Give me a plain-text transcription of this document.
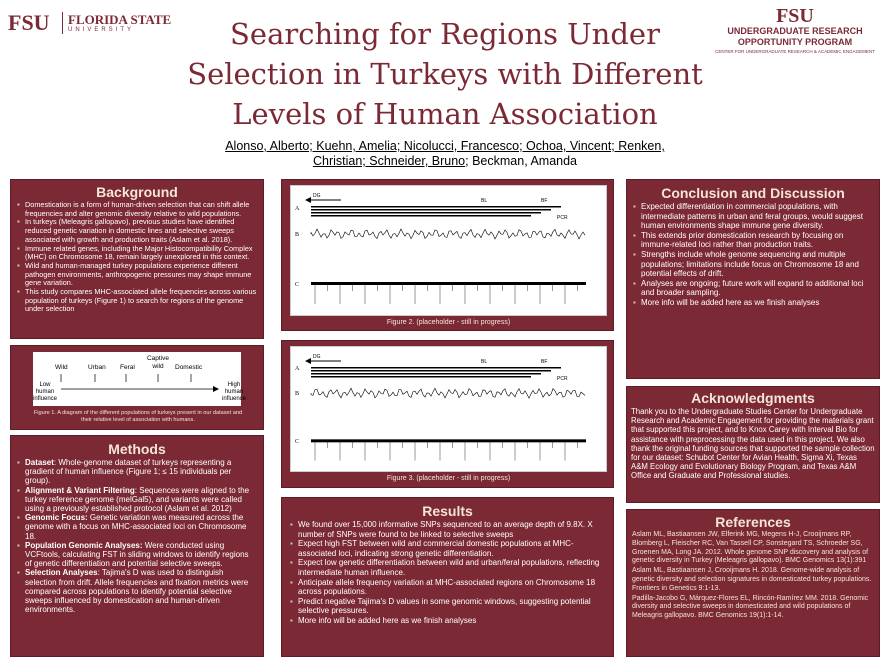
FSU FLORIDA STATE
UNIVERSITY	Searching for Regions Under
Selection in Turkeys with Different
Levels of Human Association
Alonso, Alberto; Kuehn, Amelia; Nicolucci, Francesco; Ochoa, Vincent; Renken,
Christian; Schneider, Bruno; Beckman, Amanda
FSU
UNDERGRADUATE RESEARCH
OPPORTUNITY PROGRAM
CENTER FOR UNDERGRADUATE RESEARCH & ACADEMIC ENGAGEMENT
Background
▪ Domestication is a form of human-driven selection that can shift allele frequencies and alter genomic diversity relative to wild populations.
▪ In turkeys (Meleagris gallopavo), previous studies have identified reduced genetic variation in domestic lines and selective sweeps associated with growth and production traits (Aslam et al. 2018).
▪ Immune related genes, including the Major Histocompatibility Complex (MHC) on Chromosome 18, remain largely unexplored in this context.
▪ Wild and human-managed turkey populations experience different pathogen environments, anthropogenic pressures may shape immune gene variation.
▪ This study compares MHC-associated allele frequencies across various population of turkeys (Figure 1) to search for regions of the genome under selection
Wild	Urban Feral
Captive wild	Domestic
Low human influence
High human influence
Figure 1. A diagram of the different populations of turkeys present in our dataset and their relative level of association with humans.
Methods
▪ Dataset: Whole-genome dataset of turkeys representing a gradient of human influence (Figure 1; ≤ 15 individuals per group).
▪ Alignment & Variant Filtering: Sequences were aligned to the turkey reference genome (melGal5), and variants were called using a previously established protocol (Aslam et al. 2012)
▪ Genomic Focus: Genetic variation was measured across the genome with a focus on MHC-associated loci on Chromosome 18.
▪ Population Genomic Analyses: Were conducted using VCFtools, calculating FST in sliding windows to identify regions of genetic differentiation and potential selective sweeps.
▪ Selection Analyses: Tajima's D was used to distinguish selection from drift. Allele frequencies and fixation metrics were compared across populations to identify potential selective sweeps influenced by domestication and human-driven environments.
DG
BL	BF
PCR
A
B
C
Figure 2. (placeholder - still in progress)
DG
BL	BF
PCR
A
B
C
Figure 3. (placeholder - still in progress)
Results
▪ We found over 15,000 informative SNPs sequenced to an average depth of 9.8X. X number of SNPs were found to be linked to selective sweeps
▪ Expect high FST between wild and commercial domestic populations at MHC-associated loci, indicating strong genetic differentiation.
▪ Expect low genetic differentiation between wild and urban/feral populations, reflecting intermediate human influence.
▪ Anticipate allele frequency variation at MHC-associated regions on Chromosome 18 across populations.
▪ Predict negative Tajima's D values in some genomic windows, suggesting potential selective pressures.
▪ More info will be added here as we finish analyses
Conclusion and Discussion
▪ Expected differentiation in commercial populations, with intermediate patterns in urban and feral groups, would suggest human environments shape immune gene diversity.
▪ This extends prior domestication research by focusing on immune-related loci rather than production traits.
▪ Strengths include whole genome sequencing and multiple populations; limitations include focus on Chromosome 18 and potential effects of drift.
▪ Analyses are ongoing; future work will expand to additional loci and broader sampling.
▪ More info will be added here as we finish analyses
Acknowledgments
Thank you to the Undergraduate Studies Center for Undergraduate Research and Academic Engagement for providing the materials grant that supported this project, and to Knox Carey with Interval Bio for assistance with preprocessing the data used in this project. We also thank the original funding sources that supported the sample collection for our dataset: Schubot Center for Avian Health, Sigma Xi, Texas A&M Ecology and Evolutionary Biology Program, and Texas A&M Office and Graduate and Professional studies.
References
Aslam ML, Bastiaansen JW, Elferink MG, Megens H-J, Crooijmans RP, Blomberg L, Fleischer RC, Van Tassell CP, Sonstegard TS, Schroeder SG, Groenen MA, Long JA. 2012. Whole genome SNP discovery and analysis of genetic diversity in Turkey (Meleagris gallopavo). BMC Genomics 13(1):391
Aslam ML, Bastiaansen J, Crooijmans H. 2018. Genome-wide analysis of genetic diversity and selection signatures in domesticated turkey populations. Frontiers in Genetics 9:1-13.
Padilla-Jacobo G, Márquez-Flores EL, Rincón-Ramírez MM. 2018. Genomic diversity and selective sweeps in domesticated and wild populations of Meleagris gallopavo. BMC Genomics 19(1):1-14.
